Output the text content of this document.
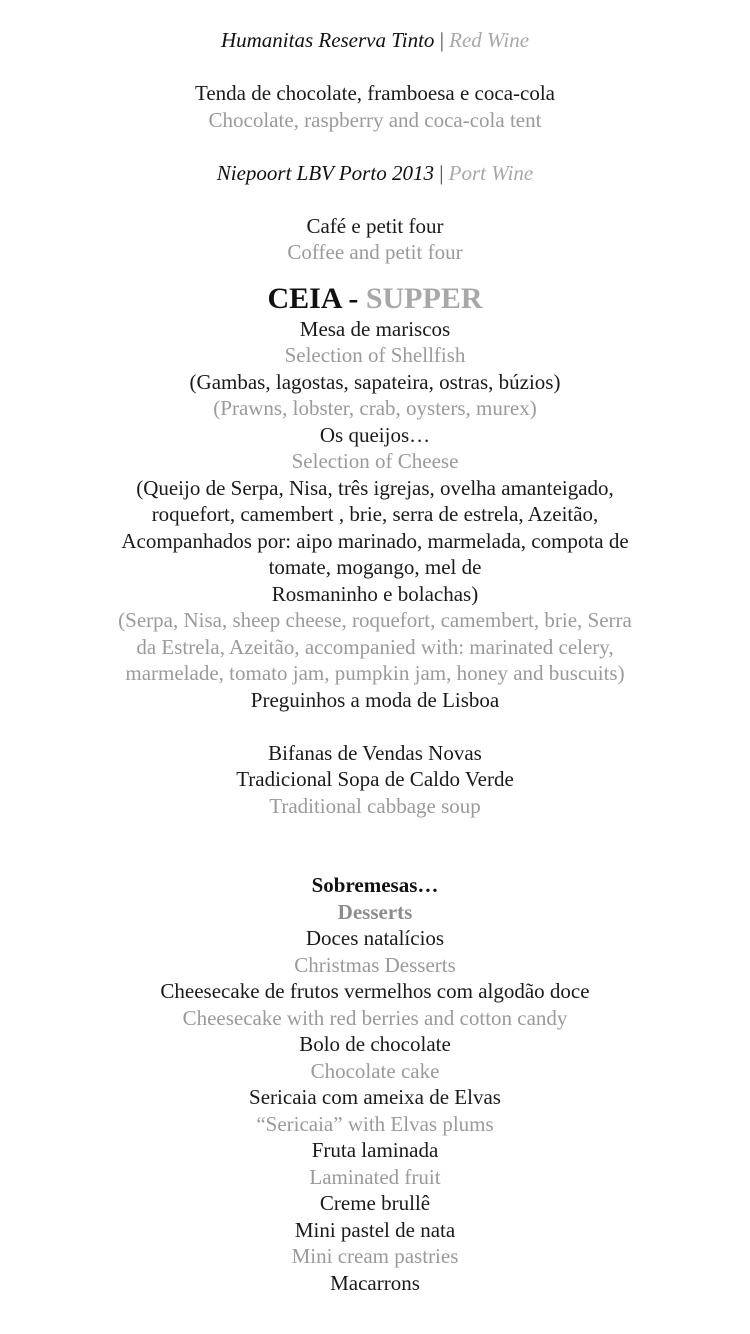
Humanitas Reserva Tinto | Red Wine
Tenda de chocolate, framboesa e coca-cola
Chocolate, raspberry and coca-cola tent
Niepoort LBV Porto 2013 | Port Wine
Café e petit four
Coffee and petit four
CEIA - SUPPER
Mesa de mariscos
Selection of Shellfish
(Gambas, lagostas, sapateira, ostras, búzios)
(Prawns, lobster, crab, oysters, murex)
Os queijos…
Selection of Cheese
(Queijo de Serpa, Nisa, três igrejas, ovelha amanteigado, roquefort, camembert , brie, serra de estrela, Azeitão, Acompanhados por: aipo marinado, marmelada, compota de tomate, mogango, mel de
Rosmaninho e bolachas)
(Serpa, Nisa, sheep cheese, roquefort, camembert, brie, Serra da Estrela, Azeitão, accompanied with: marinated celery, marmelade, tomato jam, pumpkin jam, honey and buscuits)
Preguinhos a moda de Lisboa
Bifanas de Vendas Novas
Tradicional Sopa de Caldo Verde
Traditional cabbage soup
Sobremesas…
Desserts
Doces natalícios
Christmas Desserts
Cheesecake de frutos vermelhos com algodão doce
Cheesecake with red berries and cotton candy
Bolo de chocolate
Chocolate cake
Sericaia com ameixa de Elvas
“Sericaia” with Elvas plums
Fruta laminada
Laminated fruit
Creme brullê
Mini pastel de nata
Mini cream pastries
Macarrons
